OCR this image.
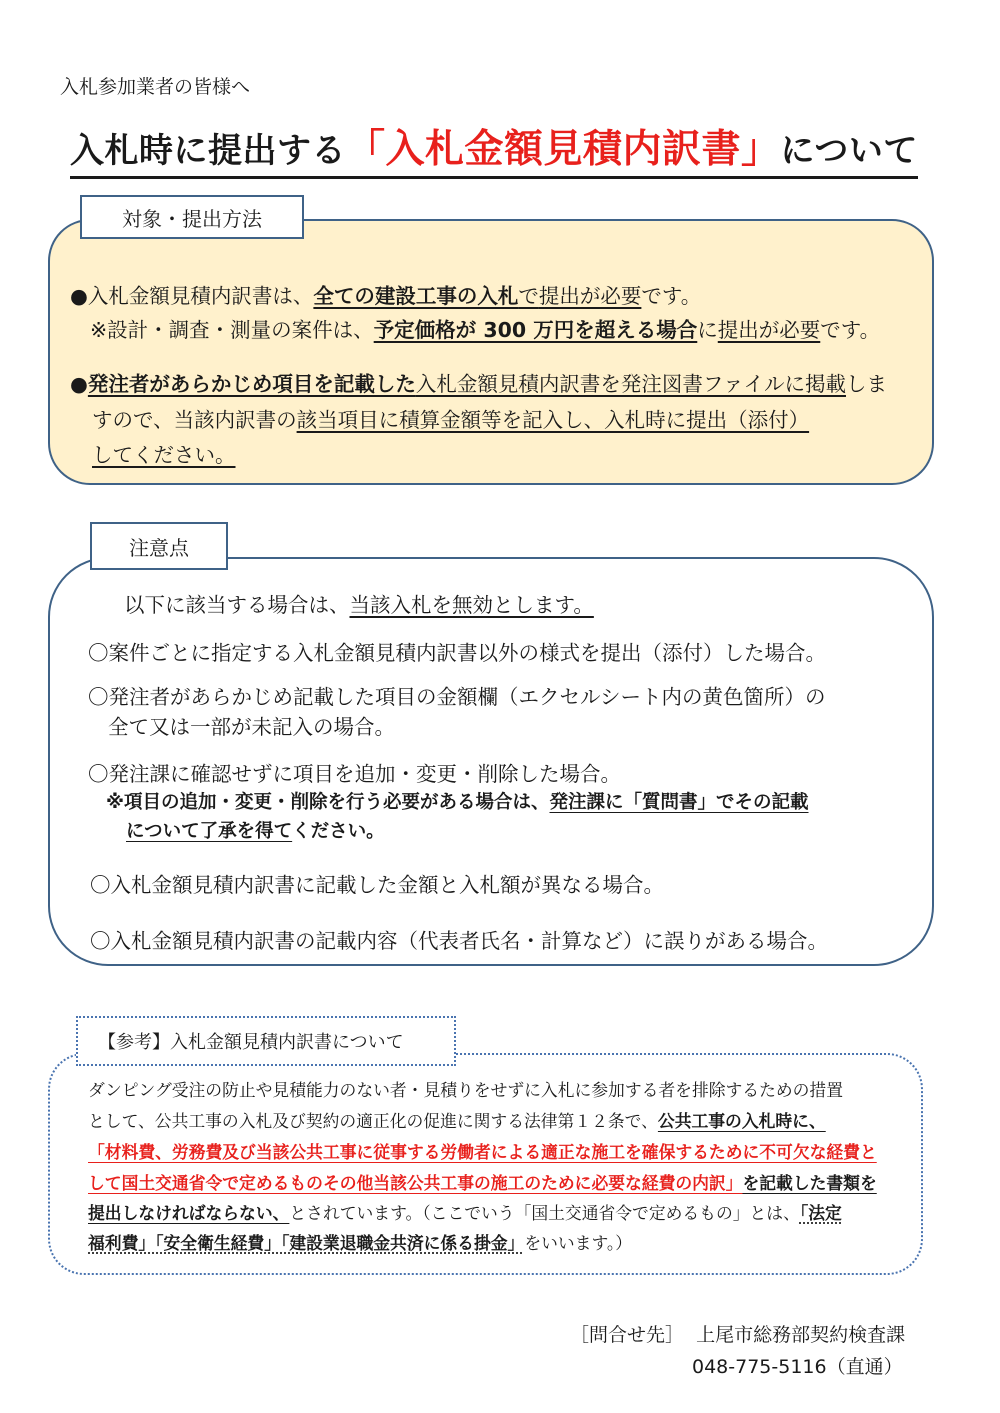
入札参加業者の皆様へ
入札時に提出する「入札金額見積内訳書」について
対象・提出方法
●入札金額見積内訳書は、全ての建設工事の入札で提出が必要です。
※設計・調査・測量の案件は、予定価格が 300 万円を超える場合に提出が必要です。
●発注者があらかじめ項目を記載した入札金額見積内訳書を発注図書ファイルに掲載しま
すので、当該内訳書の該当項目に積算金額等を記入し、入札時に提出（添付）
してください。
注意点
以下に該当する場合は、当該入札を無効とします。
〇案件ごとに指定する入札金額見積内訳書以外の様式を提出（添付）した場合。
〇発注者があらかじめ記載した項目の金額欄（エクセルシート内の黄色箇所）の
全て又は一部が未記入の場合。
〇発注課に確認せずに項目を追加・変更・削除した場合。
※項目の追加・変更・削除を行う必要がある場合は、発注課に「質問書」でその記載
について了承を得てください。
〇入札金額見積内訳書に記載した金額と入札額が異なる場合。
〇入札金額見積内訳書の記載内容（代表者氏名・計算など）に誤りがある場合。
【参考】入札金額見積内訳書について
ダンピング受注の防止や見積能力のない者・見積りをせずに入札に参加する者を排除するための措置
として、公共工事の入札及び契約の適正化の促進に関する法律第１２条で、公共工事の入札時に、
「材料費、労務費及び当該公共工事に従事する労働者による適正な施工を確保するために不可欠な経費と
して国土交通省令で定めるものその他当該公共工事の施工のために必要な経費の内訳」を記載した書類を
提出しなければならない、とされています。（ここでいう「国土交通省令で定めるもの」とは、「法定
福利費」「安全衛生経費」「建設業退職金共済に係る掛金」をいいます。）
［問合せ先］ 上尾市総務部契約検査課
048-775-5116（直通）
